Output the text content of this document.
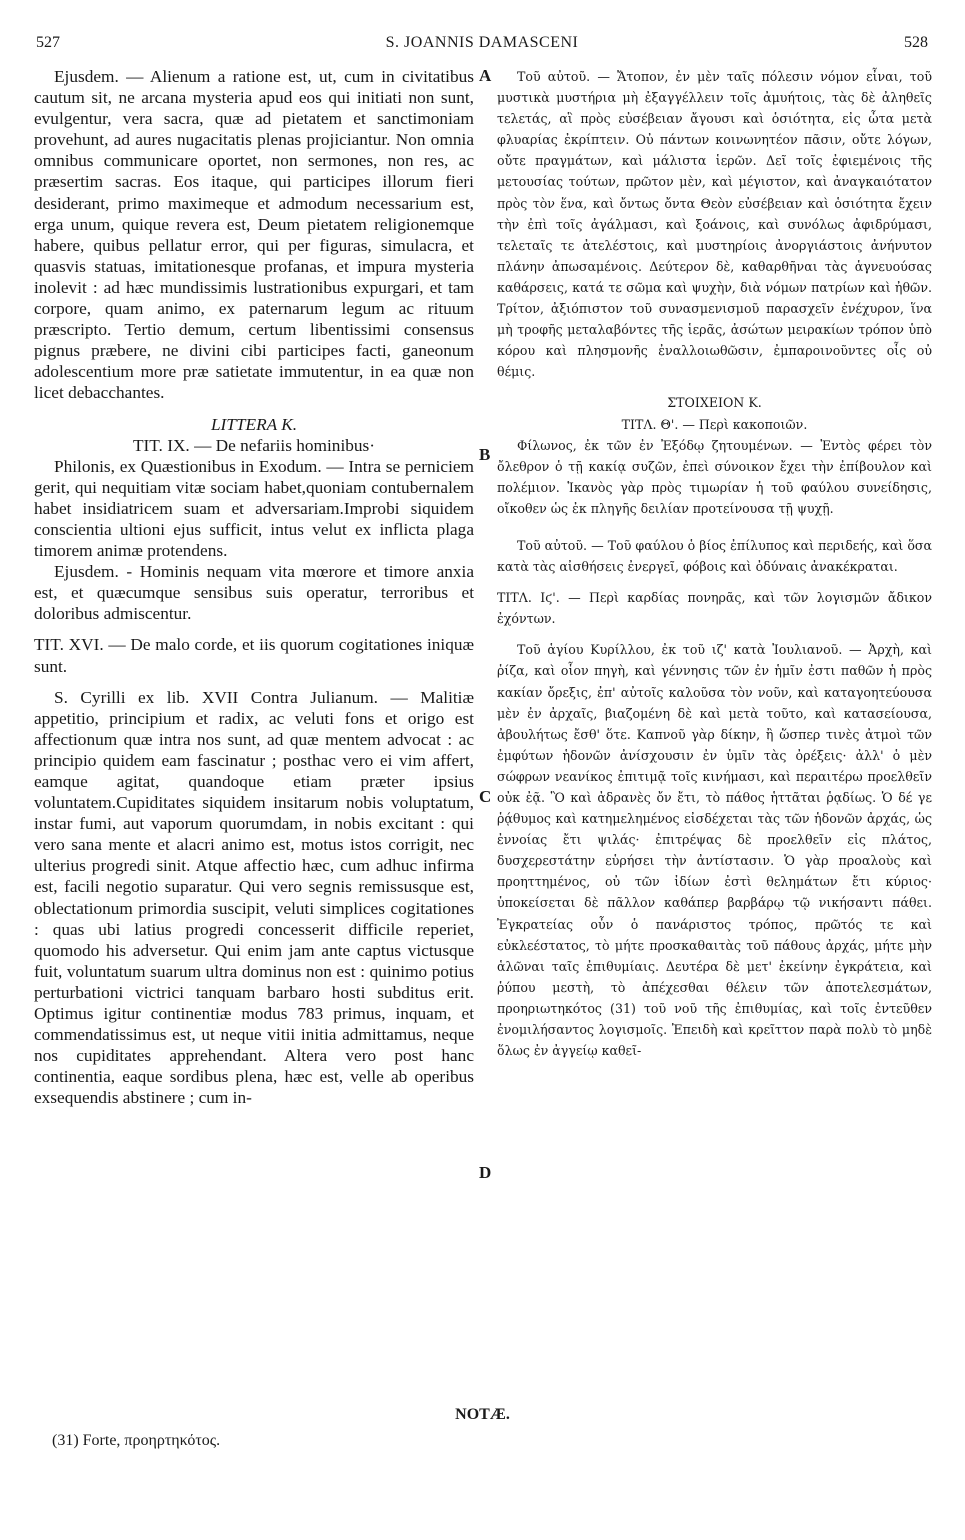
527	S. JOANNIS DAMASCENI	528

Ejusdem. — Alienum a ratione est, ut, cum in civitatibus cautum sit, ne arcana mysteria apud eos qui initiati non sunt, evulgentur, vera sacra, quæ ad pietatem et sanctimoniam provehunt, ad aures nugacitatis plenas projiciantur. Non omnia omnibus communicare oportet, non sermones, non res, ac præsertim sacras. Eos itaque, qui participes illorum fieri desiderant, primo maximeque et admodum necessarium est, erga unum, quique revera est, Deum pietatem religionemque habere, quibus pellatur error, qui per figuras, simulacra, et quasvis statuas, imitationesque profanas, et impura mysteria inolevit : ad hæc mundissimis lustrationibus expurgari, et tam corpore, quam animo, ex paternarum legum ac rituum præscripto. Tertio demum, certum libentissimi consensus pignus præbere, ne divini cibi participes facti, ganeonum adolescentium more præ satietate immutentur, in ea quæ non licet debacchantes.

LITTERA K.

TIT. IX. — De nefariis hominibus·

Philonis, ex Quæstionibus in Exodum. — Intra se perniciem gerit, qui nequitiam vitæ sociam habet,quoniam contubernalem habet insidiatricem suam et adversariam.Improbi siquidem conscientia ultioni ejus sufficit, intus velut ex inflicta plaga timorem animæ protendens.

Ejusdem. - Hominis nequam vita mœrore et timore anxia est, et quæcumque sensibus suis operatur, terroribus et doloribus admiscentur.

TIT. XVI. — De malo corde, et iis quorum cogitationes iniquæ sunt.

S. Cyrilli ex lib. XVII Contra Julianum. — Malitiæ appetitio, principium et radix, ac veluti fons et origo est affectionum quæ intra nos sunt, ad quæ mentem advocat : ac principio quidem eam fascinatur ; posthac vero ei vim affert, eamque agitat, quandoque etiam præter ipsius voluntatem.Cupiditates siquidem insitarum nobis voluptatum, instar fumi, aut vaporum quorumdam, in nobis excitant : qui vero sana mente et alacri animo est, motus istos corrigit, nec ulterius progredi sinit. Atque affectio hæc, cum adhuc infirma est, facili negotio suparatur. Qui vero segnis remissusque est, oblectationum primordia suscipit, veluti simplices cogitationes : quas ubi latius progredi concesserit difficile reperiet, quomodo his adversetur. Qui enim jam ante captus victusque fuit, voluntatum suarum ultra dominus non est : quinimo potius perturbationi victrici tanquam barbaro hosti subditus erit. Optimus igitur continentiæ modus 783 primus, inquam, et commendatissimus est, ut neque vitii initia admittamus, neque nos cupiditates apprehendant. Altera vero post hanc continentia, eaque sordibus plena, hæc est, velle ab operibus exsequendis abstinere ; cum in-

Τοῦ αὐτοῦ. — Ἄτοπον, ἐν μὲν ταῖς πόλεσιν νόμον εἶναι, τοῦ μυστικὰ μυστήρια μὴ ἐξαγγέλλειν τοῖς ἀμυήτοις, τὰς δὲ ἀληθεῖς τελετάς, αἳ πρὸς εὐσέβειαν ἄγουσι καὶ ὁσιότητα, εἰς ὦτα μετὰ φλυαρίας ἐκρίπτειν. Οὐ πάντων κοινωνητέον πᾶσιν, οὔτε λόγων, οὔτε πραγμάτων, καὶ μάλιστα ἱερῶν. Δεῖ τοῖς ἐφιεμένοις τῆς μετουσίας τούτων, πρῶτον μὲν, καὶ μέγιστον, καὶ ἀναγκαιότατον πρὸς τὸν ἕνα, καὶ ὄντως ὄντα Θεὸν εὐσέβειαν καὶ ὁσιότητα ἔχειν τὴν ἐπὶ τοῖς ἀγάλμασι, καὶ ξοάνοις, καὶ συνόλως ἀφιδρύμασι, τελεταῖς τε ἀτελέστοις, καὶ μυστηρίοις ἀνοργιάστοις ἀνήνυτον πλάνην ἀπωσαμένοις. Δεύτερον δὲ, καθαρθῆναι τὰς ἁγνευούσας καθάρσεις, κατά τε σῶμα καὶ ψυχὴν, διὰ νόμων πατρίων καὶ ἠθῶν. Τρίτον, ἀξιόπιστον τοῦ συνασμενισμοῦ παρασχεῖν ἐνέχυρον, ἵνα μὴ τροφῆς μεταλαβόντες τῆς ἱερᾶς, ἀσώτων μειρακίων τρόπον ὑπὸ κόρου καὶ πλησμονῆς ἐναλλοιωθῶσιν, ἐμπαροινοῦντες οἷς οὐ θέμις.

ΣΤΟΙΧΕΙΟΝ Κ.

ΤΙΤΛ. Θ'. — Περὶ κακοποιῶν.

Φίλωνος, ἐκ τῶν ἐν Ἐξόδῳ ζητουμένων. — Ἐντὸς φέρει τὸν ὄλεθρον ὁ τῇ κακίᾳ συζῶν, ἐπεὶ σύνοικον ἔχει τὴν ἐπίβουλον καὶ πολέμιον. Ἱκανὸς γὰρ πρὸς τιμωρίαν ἡ τοῦ φαύλου συνείδησις, οἴκοθεν ὡς ἐκ πληγῆς δειλίαν προτείνουσα τῇ ψυχῇ.

Τοῦ αὐτοῦ. — Τοῦ φαύλου ὁ βίος ἐπίλυπος καὶ περιδεής, καὶ ὅσα κατὰ τὰς αἰσθήσεις ἐνεργεῖ, φόβοις καὶ ὀδύναις ἀνακέκραται.

ΤΙΤΛ. Ιϛ'. — Περὶ καρδίας πονηρᾶς, καὶ τῶν λογισμῶν ἄδικον ἐχόντων.

Τοῦ ἁγίου Κυρίλλου, ἐκ τοῦ ιζ' κατὰ Ἰουλιανοῦ. — Ἀρχὴ, καὶ ῥίζα, καὶ οἷον πηγὴ, καὶ γέννησις τῶν ἐν ἡμῖν ἐστι παθῶν ἡ πρὸς κακίαν ὄρεξις, ἐπ' αὐτοῖς καλοῦσα τὸν νοῦν, καὶ καταγοητεύουσα μὲν ἐν ἀρχαῖς, βιαζομένη δὲ καὶ μετὰ τοῦτο, καὶ κατασείουσα, ἀβουλήτως ἔσθ' ὅτε. Καπνοῦ γὰρ δίκην, ἢ ὥσπερ τινὲς ἀτμοὶ τῶν ἐμφύτων ἡδονῶν ἀνίσχουσιν ἐν ὑμῖν τὰς ὀρέξεις· ἀλλ' ὁ μὲν σώφρων νεανίκος ἐπιτιμᾷ τοῖς κινήμασι, καὶ περαιτέρω προελθεῖν οὐκ ἐᾷ. Ὃ καὶ ἀδρανὲς ὄν ἔτι, τὸ πάθος ἡττᾶται ῥᾳδίως. Ὁ δέ γε ῥᾴθυμος καὶ κατημελημένος εἰσδέχεται τὰς τῶν ἡδονῶν ἀρχάς, ὡς ἐννοίας ἔτι ψιλάς· ἐπιτρέψας δὲ προελθεῖν εἰς πλάτος, δυσχερεστάτην εὑρήσει τὴν ἀντίστασιν. Ὁ γὰρ προαλοὺς καὶ προηττημένος, οὐ τῶν ἰδίων ἐστὶ θελημάτων ἔτι κύριος· ὑποκείσεται δὲ πᾶλλον καθάπερ βαρβάρῳ τῷ νικήσαντι πάθει. Ἐγκρατείας οὖν ὁ πανάριστος τρόπος, πρῶτός τε καὶ εὐκλεέστατος, τὸ μήτε προσκαθαιτὰς τοῦ πάθους ἀρχάς, μήτε μὴν ἁλῶναι ταῖς ἐπιθυμίαις. Δευτέρα δὲ μετ' ἐκείνην ἐγκράτεια, καὶ ῥύπου μεστὴ, τὸ ἀπέχεσθαι θέλειν τῶν ἀποτελεσμάτων, προηριωτηκότος (31) τοῦ νοῦ τῆς ἐπιθυμίας, καὶ τοῖς ἐντεῦθεν ἐνομιλήσαντος λογισμοῖς. Ἐπειδὴ καὶ κρεῖττον παρὰ πολὺ τὸ μηδὲ ὅλως ἐν ἀγγείῳ καθεῖ-

A
B
C
D
NOTÆ.
(31) Forte, προηρτηκότος.
